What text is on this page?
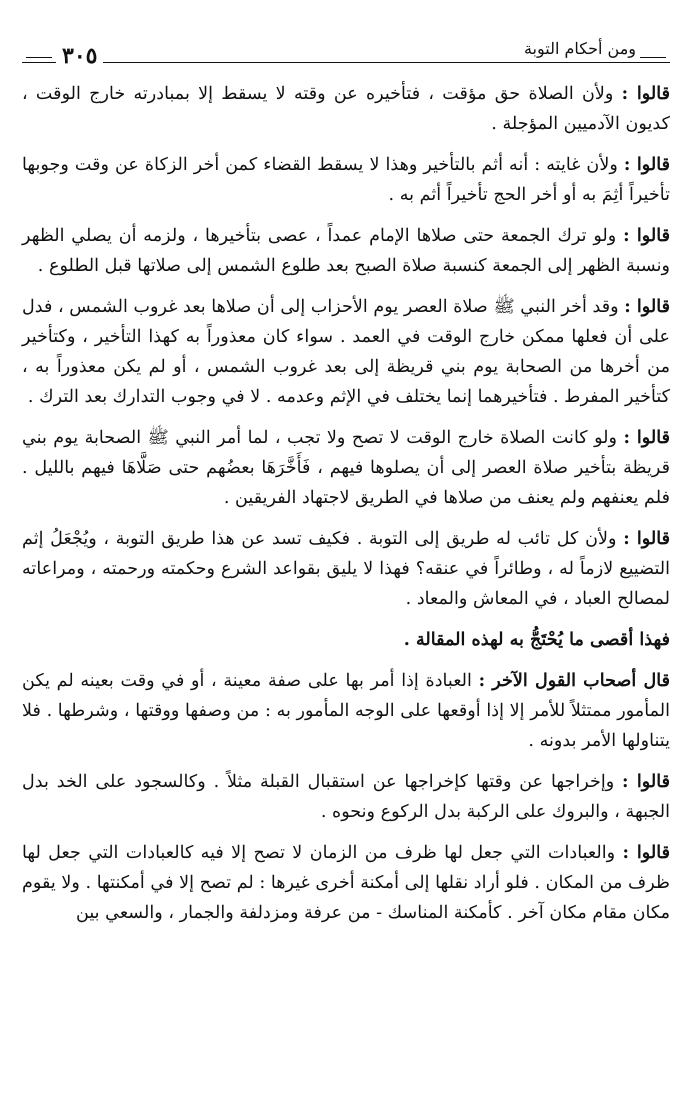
ومن أحكام التوبة
٣٠٥

قالوا : ولأن الصلاة حق مؤقت ، فتأخيره عن وقته لا يسقط إلا بمبادرته خارج الوقت ، كديون الآدميين المؤجلة .

قالوا : ولأن غايته : أنه أثم بالتأخير وهذا لا يسقط القضاء كمن أخر الزكاة عن وقت وجوبها تأخيراً أثِمَ به أو أخر الحج تأخيراً أثم به .

قالوا : ولو ترك الجمعة حتى صلاها الإمام عمداً ، عصى بتأخيرها ، ولزمه أن يصلي الظهر ونسبة الظهر إلى الجمعة كنسبة صلاة الصبح بعد طلوع الشمس إلى صلاتها قبل الطلوع .

قالوا : وقد أخر النبي ﷺ صلاة العصر يوم الأحزاب إلى أن صلاها بعد غروب الشمس ، فدل على أن فعلها ممكن خارج الوقت في العمد . سواء كان معذوراً به كهذا التأخير ، وكتأخير من أخرها من الصحابة يوم بني قريظة إلى بعد غروب الشمس ، أو لم يكن معذوراً به ، كتأخير المفرط . فتأخيرهما إنما يختلف في الإثم وعدمه . لا في وجوب التدارك بعد الترك .

قالوا : ولو كانت الصلاة خارج الوقت لا تصح ولا تجب ، لما أمر النبي ﷺ الصحابة يوم بني قريظة بتأخير صلاة العصر إلى أن يصلوها فيهم ، فَأَخَّرَهَا بعضُهم حتى صَلَّاهَا فيهم بالليل . فلم يعنفهم ولم يعنف من صلاها في الطريق لاجتهاد الفريقين .

قالوا : ولأن كل تائب له طريق إلى التوبة . فكيف تسد عن هذا طريق التوبة ، ويُجْعَلُ إثم التضييع لازماً له ، وطائراً في عنقه؟ فهذا لا يليق بقواعد الشرع وحكمته ورحمته ، ومراعاته لمصالح العباد ، في المعاش والمعاد .

فهذا أقصى ما يُحْتَجُّ به لهذه المقالة .

قال أصحاب القول الآخر : العبادة إذا أمر بها على صفة معينة ، أو في وقت بعينه لم يكن المأمور ممتثلاً للأمر إلا إذا أوقعها على الوجه المأمور به : من وصفها ووقتها ، وشرطها . فلا يتناولها الأمر بدونه .

قالوا : وإخراجها عن وقتها كإخراجها عن استقبال القبلة مثلاً . وكالسجود على الخد بدل الجبهة ، والبروك على الركبة بدل الركوع ونحوه .

قالوا : والعبادات التي جعل لها ظرف من الزمان لا تصح إلا فيه كالعبادات التي جعل لها ظرف من المكان . فلو أراد نقلها إلى أمكنة أخرى غيرها : لم تصح إلا في أمكنتها . ولا يقوم مكان مقام مكان آخر . كأمكنة المناسك - من عرفة ومزدلفة والجمار ، والسعي بين
